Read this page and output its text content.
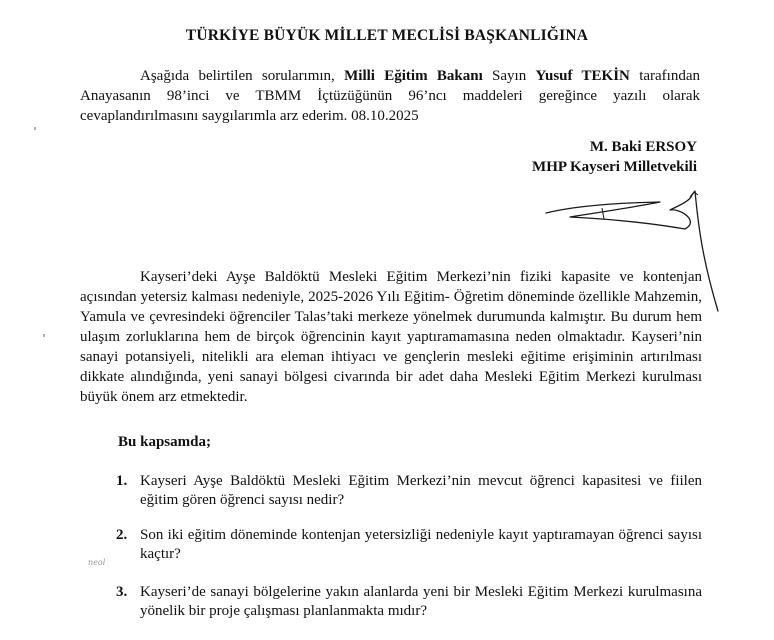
TÜRKİYE BÜYÜK MİLLET MECLİSİ BAŞKANLIĞINA
Aşağıda belirtilen sorularımın, Milli Eğitim Bakanı Sayın Yusuf TEKİN tarafından Anayasanın 98’inci ve TBMM İçtüzüğünün 96’ncı maddeleri gereğince yazılı olarak cevaplandırılmasını saygılarımla arz ederim. 08.10.2025
M. Baki ERSOY
MHP Kayseri Milletvekili
Kayseri’deki Ayşe Baldöktü Mesleki Eğitim Merkezi’nin fiziki kapasite ve kontenjan açısından yetersiz kalması nedeniyle, 2025-2026 Yılı Eğitim- Öğretim döneminde özellikle Mahzemin, Yamula ve çevresindeki öğrenciler Talas’taki merkeze yönelmek durumunda kalmıştır. Bu durum hem ulaşım zorluklarına hem de birçok öğrencinin kayıt yaptıramamasına neden olmaktadır. Kayseri’nin sanayi potansiyeli, nitelikli ara eleman ihtiyacı ve gençlerin mesleki eğitime erişiminin artırılması dikkate alındığında, yeni sanayi bölgesi civarında bir adet daha Mesleki Eğitim Merkezi kurulması büyük önem arz etmektedir.
Bu kapsamda;
1. Kayseri Ayşe Baldöktü Mesleki Eğitim Merkezi’nin mevcut öğrenci kapasitesi ve fiilen eğitim gören öğrenci sayısı nedir?
2. Son iki eğitim döneminde kontenjan yetersizliği nedeniyle kayıt yaptıramayan öğrenci sayısı kaçtır?
3. Kayseri’de sanayi bölgelerine yakın alanlarda yeni bir Mesleki Eğitim Merkezi kurulmasına yönelik bir proje çalışması planlanmakta mıdır?
neol
